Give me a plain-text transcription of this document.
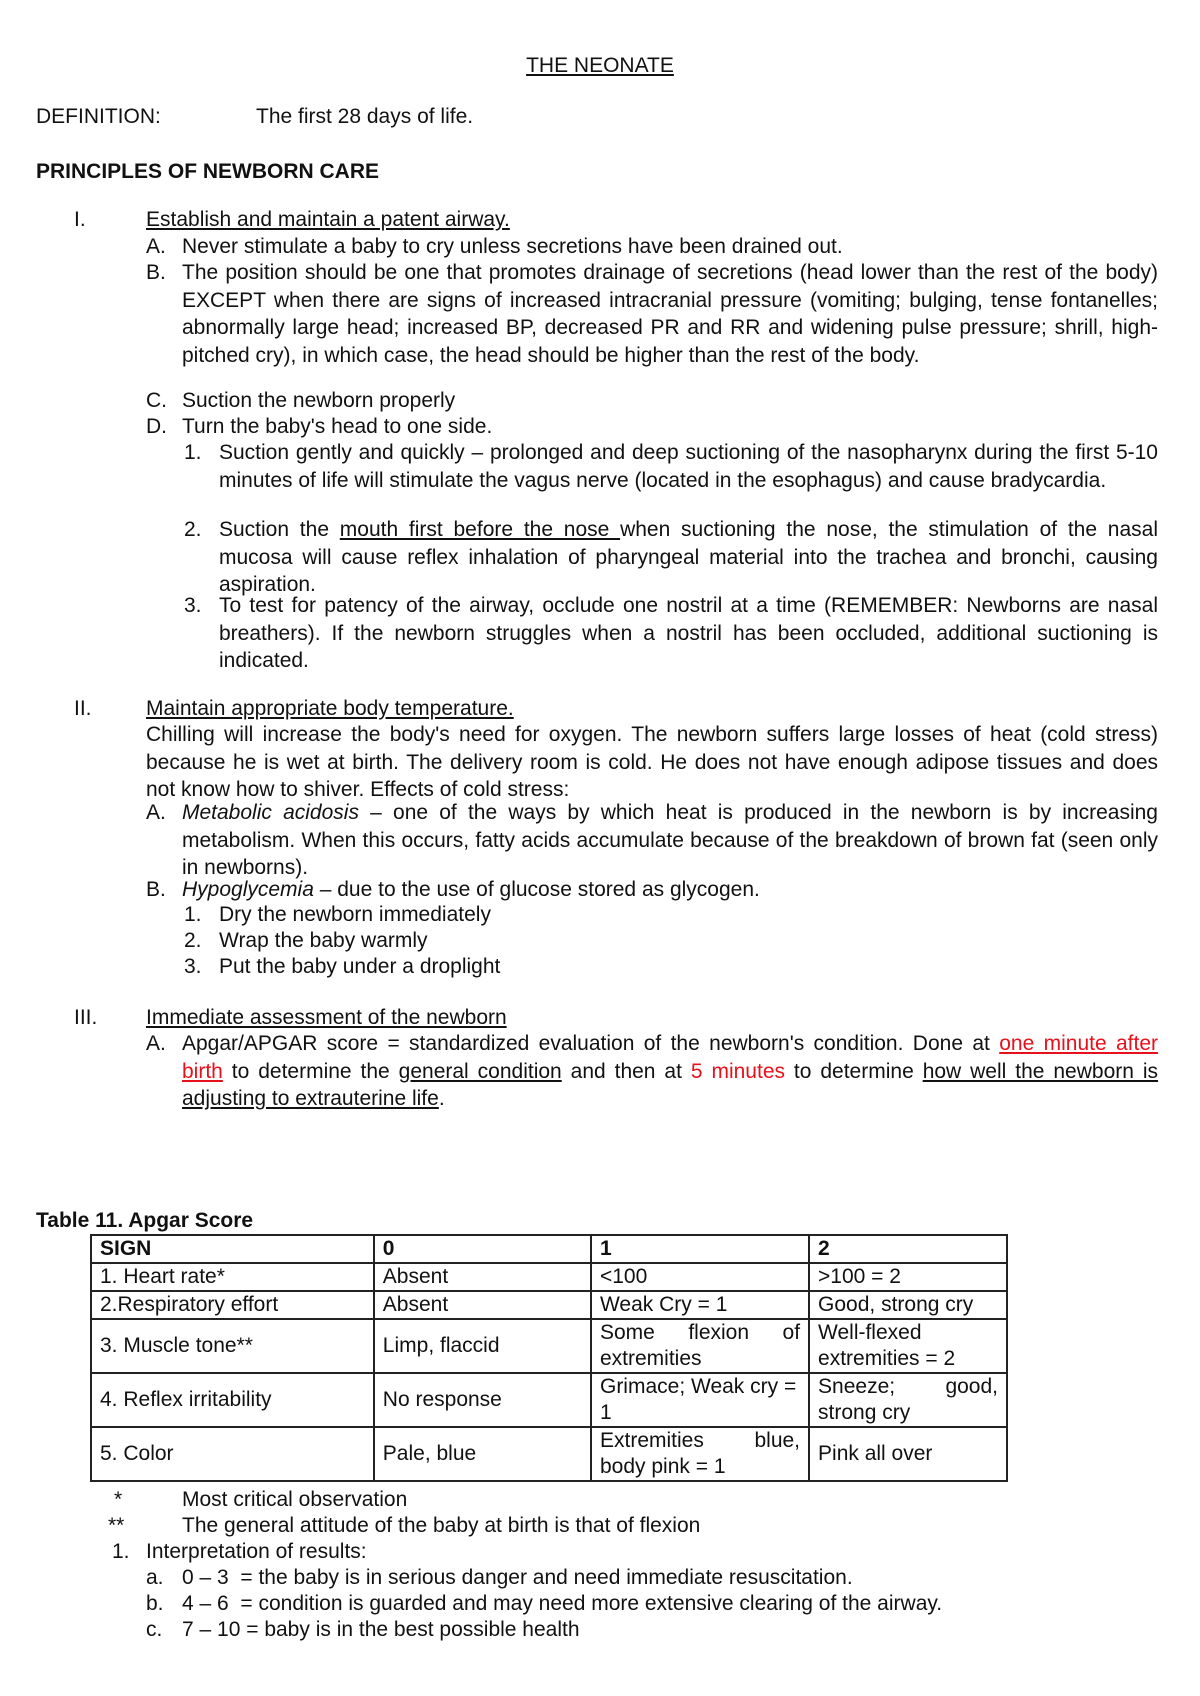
THE NEONATE
DEFINITION:	The first 28 days of life.
PRINCIPLES OF NEWBORN CARE
I.	Establish and maintain a patent airway.
A. Never stimulate a baby to cry unless secretions have been drained out.
B. The position should be one that promotes drainage of secretions (head lower than the rest of the body) EXCEPT when there are signs of increased intracranial pressure (vomiting; bulging, tense fontanelles; abnormally large head; increased BP, decreased PR and RR and widening pulse pressure; shrill, high-pitched cry), in which case, the head should be higher than the rest of the body.
C. Suction the newborn properly
D. Turn the baby's head to one side.
1. Suction gently and quickly – prolonged and deep suctioning of the nasopharynx during the first 5-10 minutes of life will stimulate the vagus nerve (located in the esophagus) and cause bradycardia.
2. Suction the mouth first before the nose when suctioning the nose, the stimulation of the nasal mucosa will cause reflex inhalation of pharyngeal material into the trachea and bronchi, causing aspiration.
3. To test for patency of the airway, occlude one nostril at a time (REMEMBER: Newborns are nasal breathers). If the newborn struggles when a nostril has been occluded, additional suctioning is indicated.
II.	Maintain appropriate body temperature.
Chilling will increase the body's need for oxygen. The newborn suffers large losses of heat (cold stress) because he is wet at birth. The delivery room is cold. He does not have enough adipose tissues and does not know how to shiver. Effects of cold stress:
A. Metabolic acidosis – one of the ways by which heat is produced in the newborn is by increasing metabolism. When this occurs, fatty acids accumulate because of the breakdown of brown fat (seen only in newborns).
B. Hypoglycemia – due to the use of glucose stored as glycogen.
1. Dry the newborn immediately
2. Wrap the baby warmly
3. Put the baby under a droplight
III. Immediate assessment of the newborn
A. Apgar/APGAR score = standardized evaluation of the newborn's condition. Done at one minute after birth to determine the general condition and then at 5 minutes to determine how well the newborn is adjusting to extrauterine life.
Table 11. Apgar Score
SIGN	0	1	2
1. Heart rate*	Absent	<100	>100 = 2
2.Respiratory effort	Absent	Weak Cry = 1	Good, strong cry
3. Muscle tone**	Limp, flaccid	Some flexion of extremities	Well-flexed extremities = 2
4. Reflex irritability	No response	Grimace; Weak cry = 1	Sneeze; good, strong cry
5. Color	Pale, blue	Extremities blue, body pink = 1	Pink all over
*	Most critical observation
**	The general attitude of the baby at birth is that of flexion
1. Interpretation of results:
a. 0 – 3  = the baby is in serious danger and need immediate resuscitation.
b. 4 – 6  = condition is guarded and may need more extensive clearing of the airway.
c. 7 – 10 = baby is in the best possible health
